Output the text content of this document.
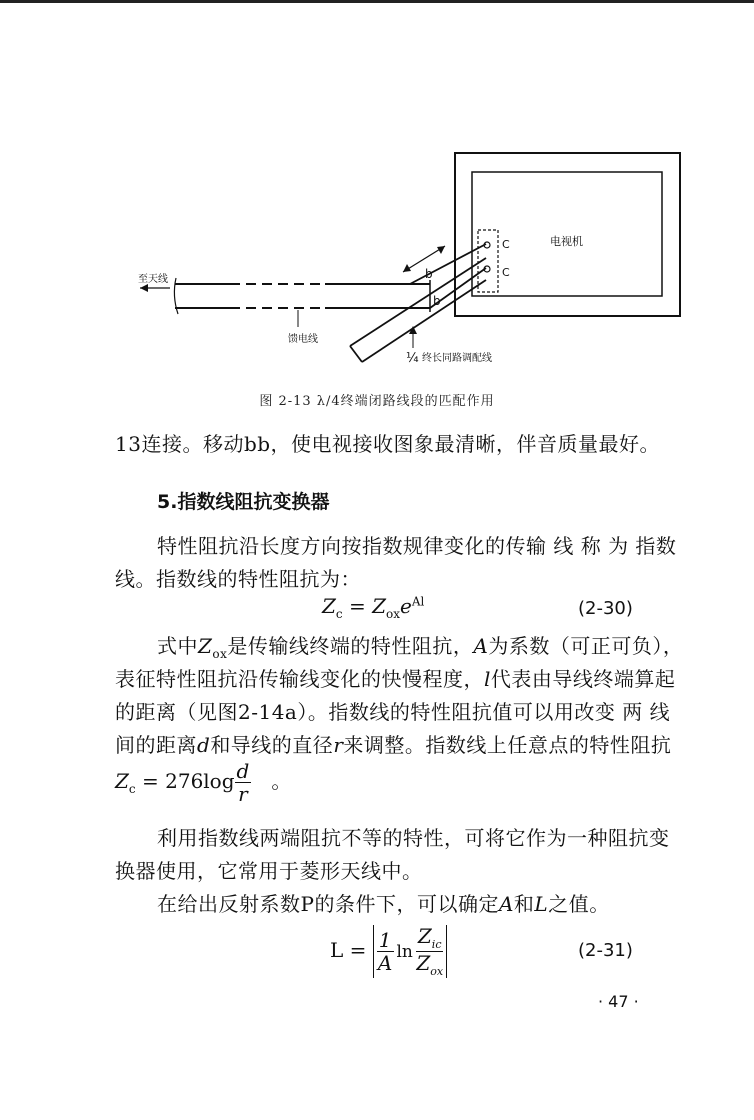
电视机
C
C
至天线	b
b
馈电线
¼ 终长同路调配线
图 2-13 λ/4终端闭路线段的匹配作用
13连接。移动bb，使电视接收图象最清晰，伴音质量最好。
5.指数线阻抗变换器
特性阻抗沿长度方向按指数规律变化的传输 线 称 为 指数
线。指数线的特性阻抗为：
$Z_c = Z_{ox}e^{Al}$	(2-30)
式中$Z_{ox}$是传输线终端的特性阻抗，A为系数（可正可负），
表征特性阻抗沿传输线变化的快慢程度，l代表由导线终端算起
的距离（见图2-14a）。指数线的特性阻抗值可以用改变 两 线
间的距离d和导线的直径r来调整。指数线上任意点的特性阻抗
$Z_c = 276\log \frac{d}{r}$ 。
利用指数线两端阻抗不等的特性，可将它作为一种阻抗变
换器使用，它常用于菱形天线中。
在给出反射系数P的条件下，可以确定A和L之值。
$L = \frac{1}{A}$ $\ln \frac{Z_{ic}}{Z_{ox}}$	(2-31)
· 47 ·
